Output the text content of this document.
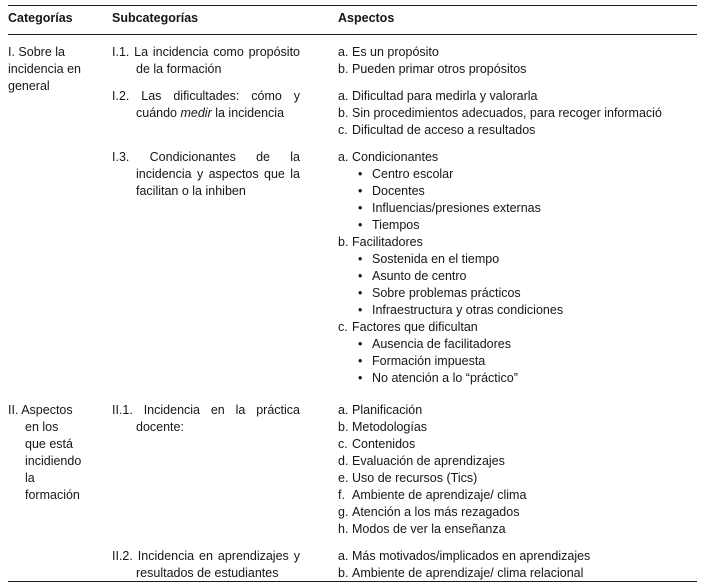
Categorías	Subcategorías	Aspectos
I. Sobre la incidencia en general
I.1. La incidencia como propósito de la formación
a. Es un propósito
b. Pueden primar otros propósitos
I.2. Las dificultades: cómo y cuándo medir la incidencia
a. Dificultad para medirla y valorarla
b. Sin procedimientos adecuados, para recoger informació
c. Dificultad de acceso a resultados
I.3. Condicionantes de la incidencia y aspectos que la facilitan o la inhiben
a. Condicionantes
• Centro escolar
• Docentes
• Influencias/presiones externas
• Tiempos
b. Facilitadores
• Sostenida en el tiempo
• Asunto de centro
• Sobre problemas prácticos
• Infraestructura y otras condiciones
c. Factores que dificultan
• Ausencia de facilitadores
• Formación impuesta
• No atención a lo “práctico”
II. Aspectos en los que está incidiendo la formación
II.1. Incidencia en la práctica docente:
a. Planificación
b. Metodologías
c. Contenidos
d. Evaluación de aprendizajes
e. Uso de recursos (Tics)
f. Ambiente de aprendizaje/ clima
g. Atención a los más rezagados
h. Modos de ver la enseñanza
II.2. Incidencia en aprendizajes y resultados de estudiantes
a. Más motivados/implicados en aprendizajes
b. Ambiente de aprendizaje/ clima relacional
